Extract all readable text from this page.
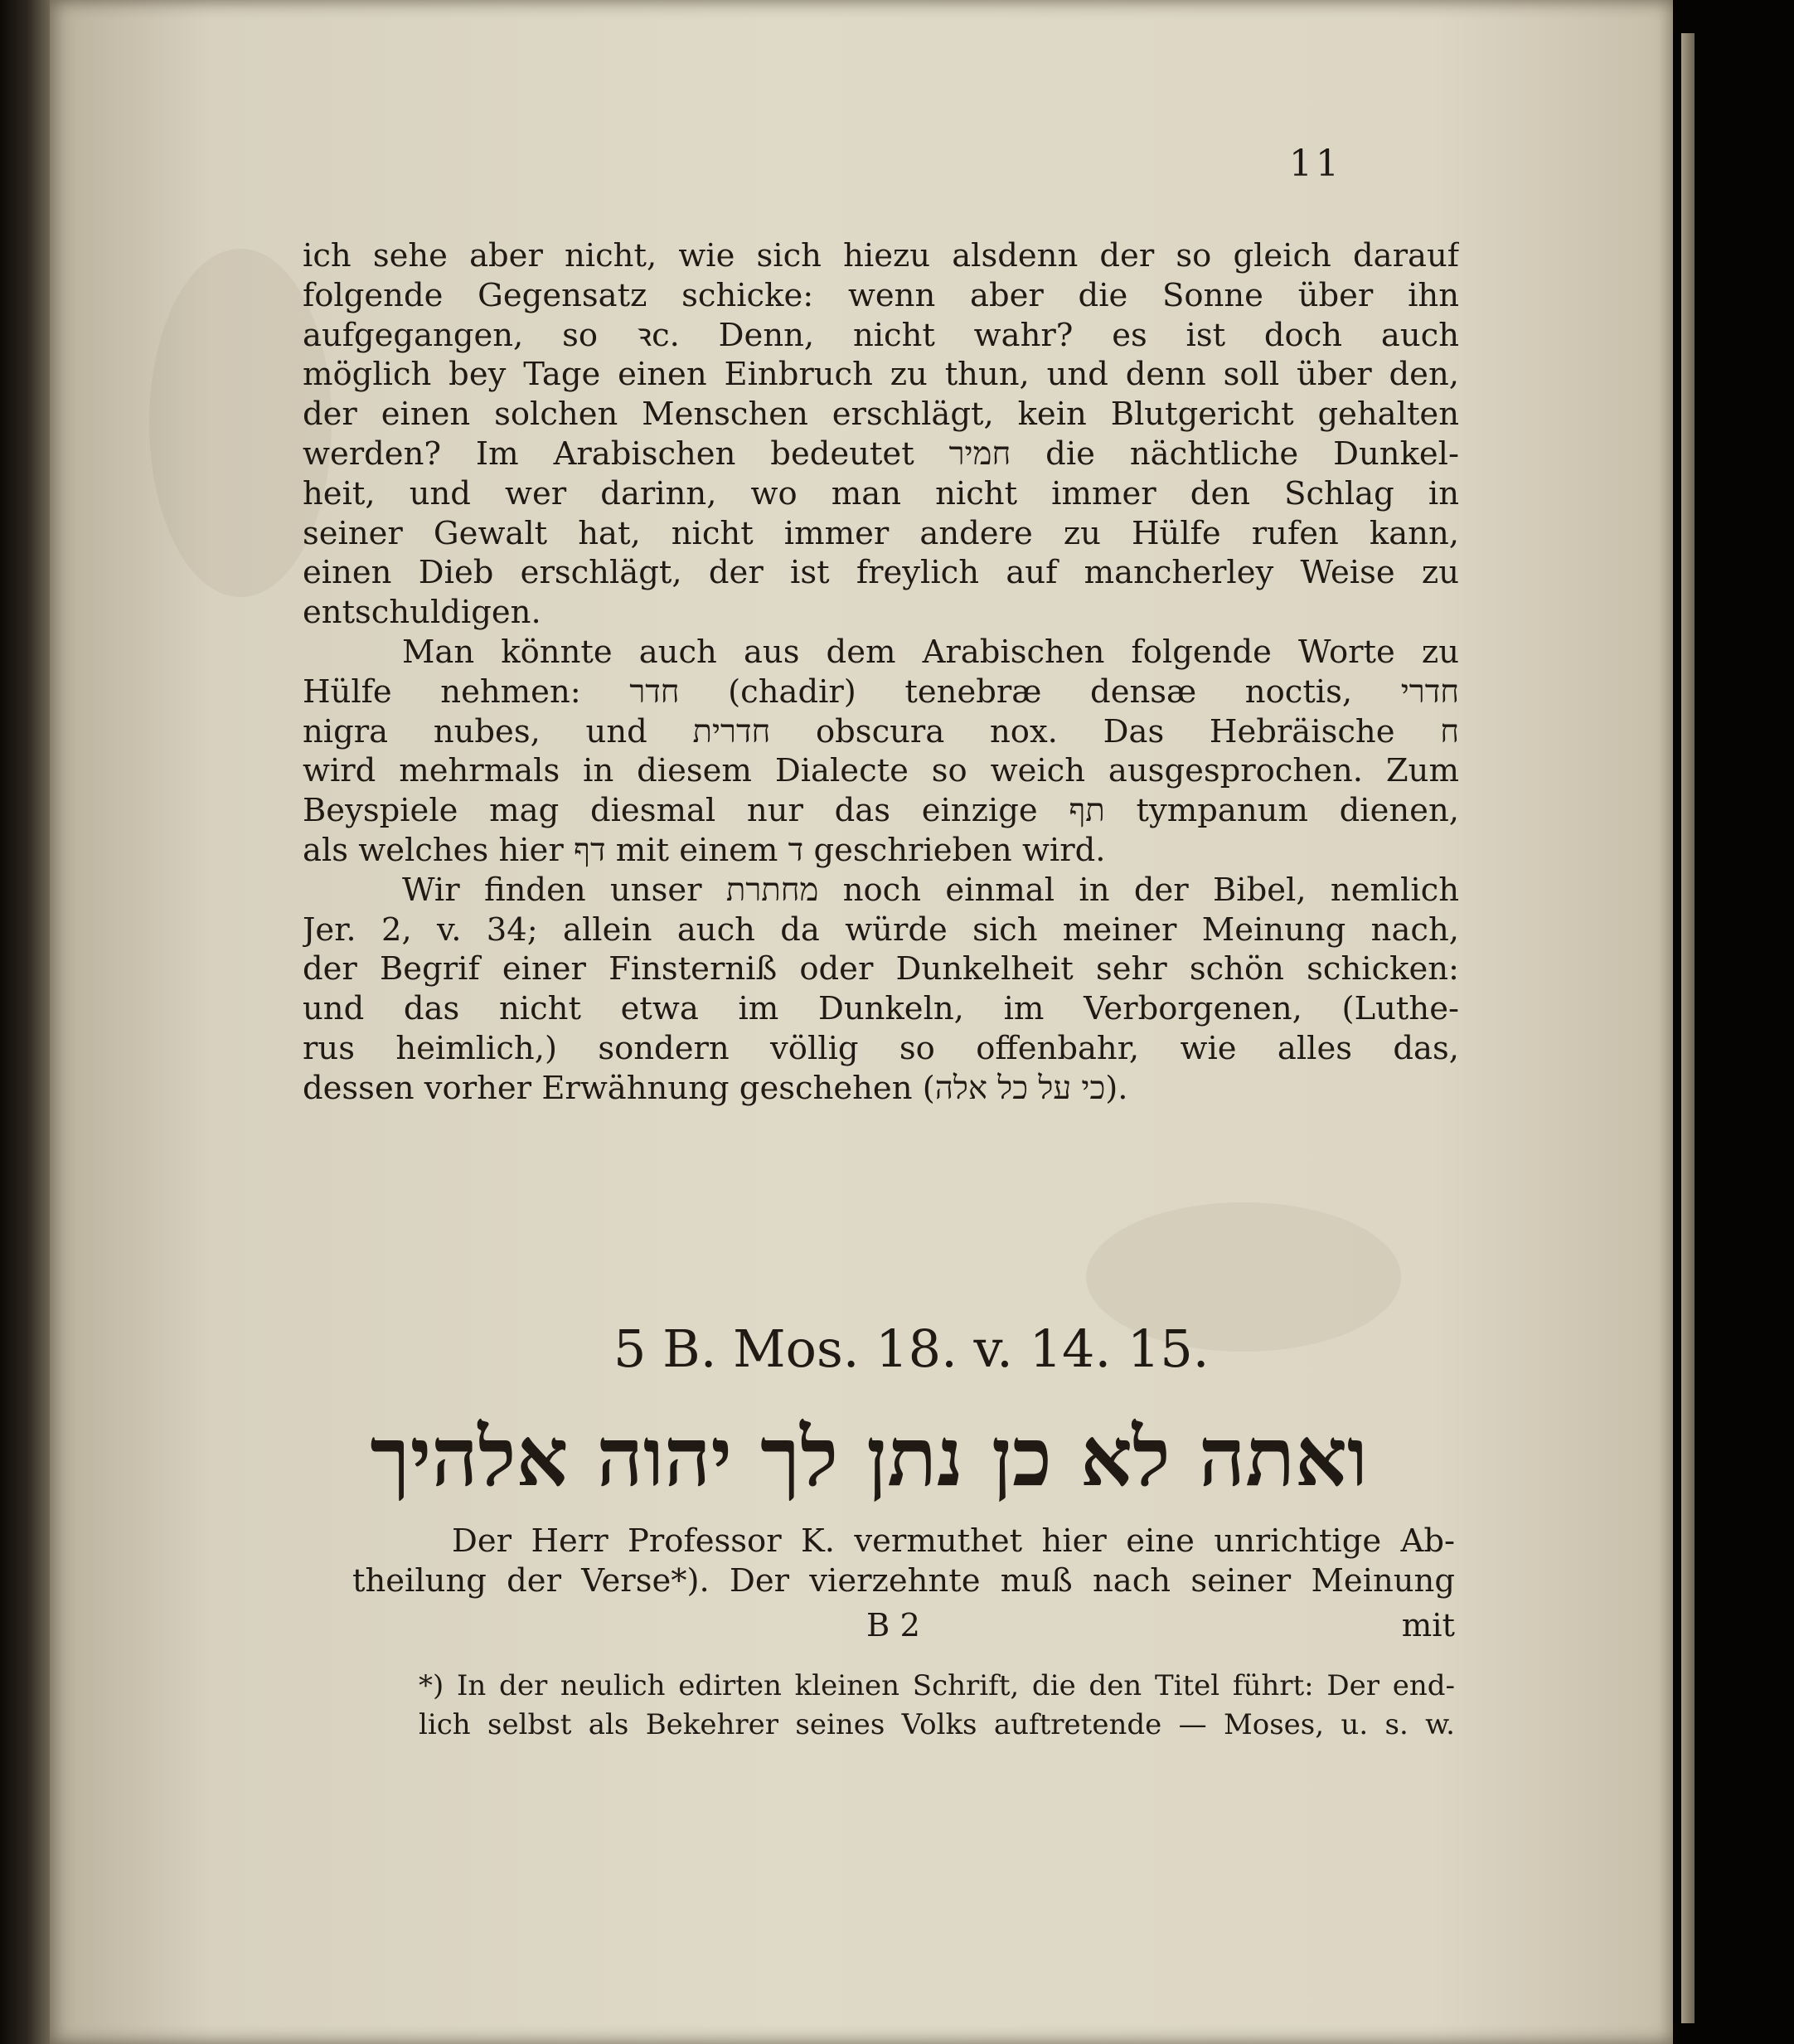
11
ich sehe aber nicht, wie sich hiezu alsdenn der so gleich darauf
folgende Gegensatz schicke: wenn aber die Sonne über ihn
aufgegangen, so ꝛc. Denn, nicht wahr? es ist doch auch
möglich bey Tage einen Einbruch zu thun, und denn soll über den,
der einen solchen Menschen erschlägt, kein Blutgericht gehalten
werden? Im Arabischen bedeutet חמיר die nächtliche Dunkel-
heit, und wer darinn, wo man nicht immer den Schlag in
seiner Gewalt hat, nicht immer andere zu Hülfe rufen kann,
einen Dieb erschlägt, der ist freylich auf mancherley Weise zu
entschuldigen.
Man könnte auch aus dem Arabischen folgende Worte zu
Hülfe nehmen: חדר (chadir) tenebræ densæ noctis, חדרי
nigra nubes, und חדרית obscura nox. Das Hebräische ח
wird mehrmals in diesem Dialecte so weich ausgesprochen. Zum
Beyspiele mag diesmal nur das einzige תף tympanum dienen,
als welches hier דף mit einem ד geschrieben wird.
Wir finden unser מחתרת noch einmal in der Bibel, nemlich
Jer. 2, v. 34; allein auch da würde sich meiner Meinung nach,
der Begrif einer Finsterniß oder Dunkelheit sehr schön schicken:
und das nicht etwa im Dunkeln, im Verborgenen, (Luthe-
rus heimlich,) sondern völlig so offenbahr, wie alles das,
dessen vorher Erwähnung geschehen (כי על כל אלה).
5 B. Mos. 18. v. 14. 15.
ואתה לא כן נתן לך יהוה אלהיך
Der Herr Professor K. vermuthet hier eine unrichtige Ab-
theilung der Verse*). Der vierzehnte muß nach seiner Meinung
B 2	mit
*) In der neulich edirten kleinen Schrift, die den Titel führt: Der end-
lich selbst als Bekehrer seines Volks auftretende — Moses, u. s. w.
